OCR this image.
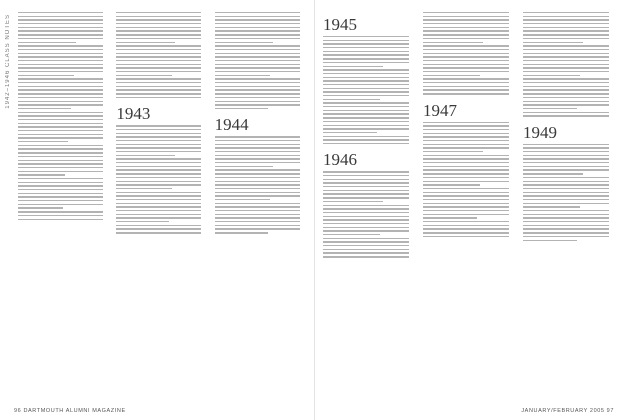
1942–1946 CLASS NOTES
1943
1944
96 DARTMOUTH ALUMNI MAGAZINE
1945
1946
1947
1949
JANUARY/FEBRUARY 2005 97
